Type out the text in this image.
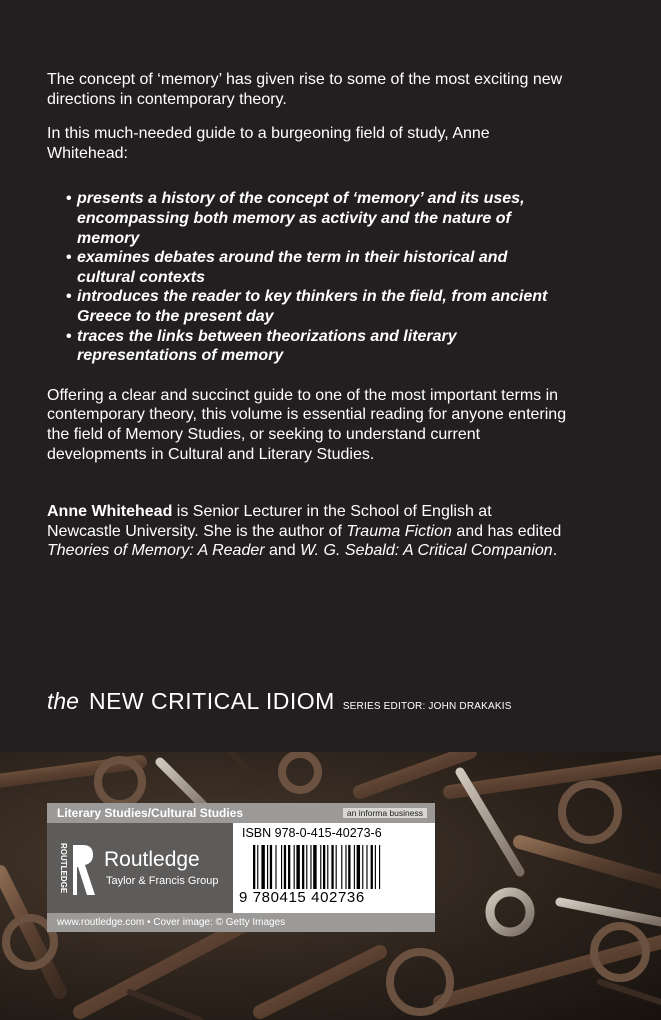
The concept of ‘memory’ has given rise to some of the most exciting new directions in contemporary theory.

In this much-needed guide to a burgeoning field of study, Anne Whitehead:

• presents a history of the concept of ‘memory’ and its uses, encompassing both memory as activity and the nature of memory
• examines debates around the term in their historical and cultural contexts
• introduces the reader to key thinkers in the field, from ancient Greece to the present day
• traces the links between theorizations and literary representations of memory

Offering a clear and succinct guide to one of the most important terms in contemporary theory, this volume is essential reading for anyone entering the field of Memory Studies, or seeking to understand current developments in Cultural and Literary Studies.

Anne Whitehead is Senior Lecturer in the School of English at Newcastle University. She is the author of Trauma Fiction and has edited Theories of Memory: A Reader and W. G. Sebald: A Critical Companion.

the NEW CRITICAL IDIOM SERIES EDITOR: JOHN DRAKAKIS
Literary Studies/Cultural Studies	an informa business
ROUTLEDGE Routledge
Taylor & Francis Group
ISBN 978-0-415-40273-6
9 780415 402736
www.routledge.com • Cover image: © Getty Images
